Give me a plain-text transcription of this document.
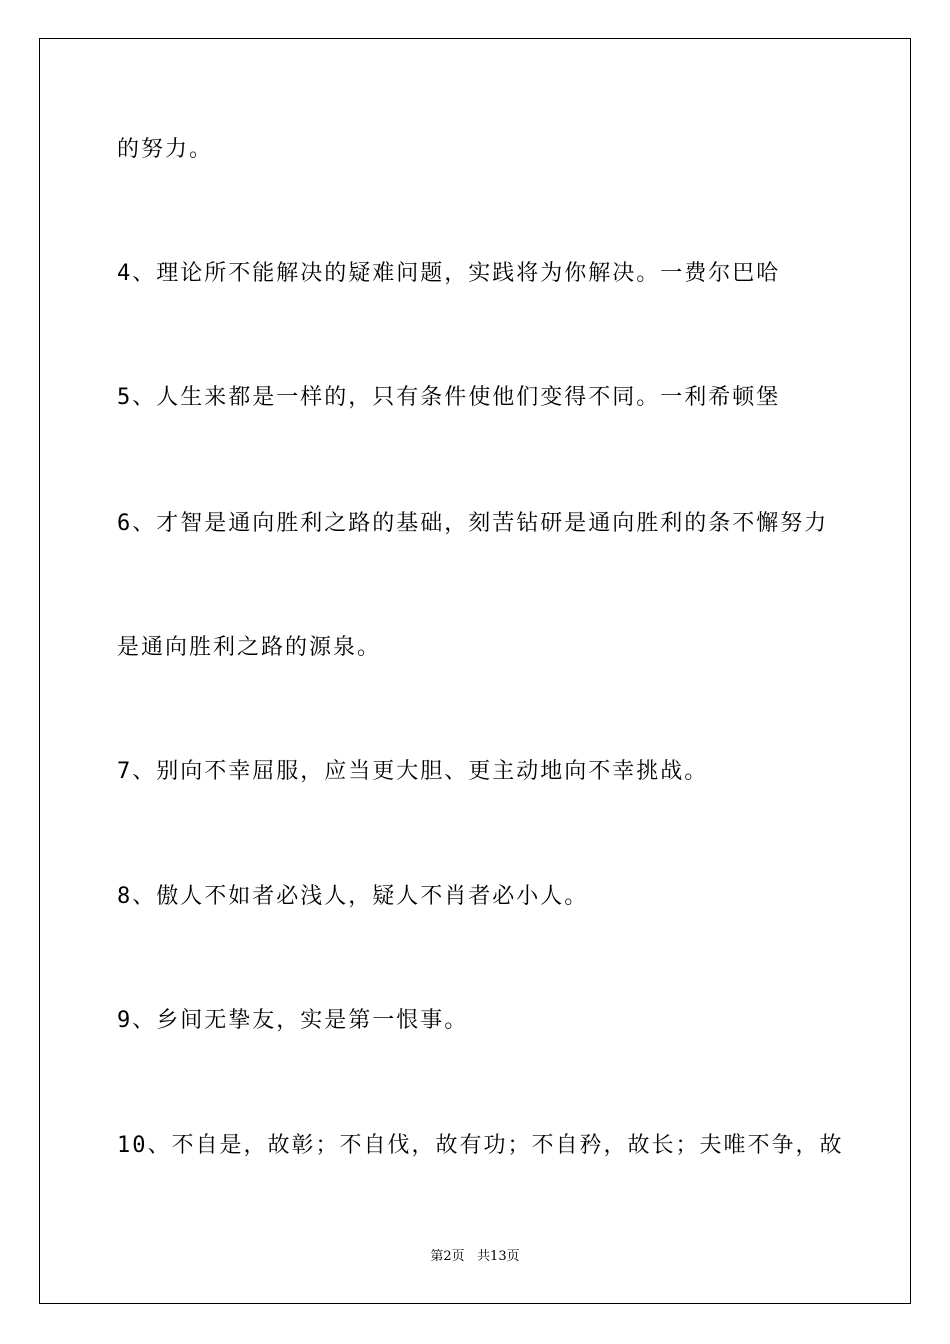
的努力。
4、理论所不能解决的疑难问题，实践将为你解决。一费尔巴哈
5、人生来都是一样的，只有条件使他们变得不同。一利希顿堡
6、才智是通向胜利之路的基础，刻苦钻研是通向胜利的条不懈努力
是通向胜利之路的源泉。
7、别向不幸屈服，应当更大胆、更主动地向不幸挑战。
8、傲人不如者必浅人，疑人不肖者必小人。
9、乡间无挚友，实是第一恨事。
10、不自是，故彰；不自伐，故有功；不自矜，故长；夫唯不争，故
第2页   共13页
